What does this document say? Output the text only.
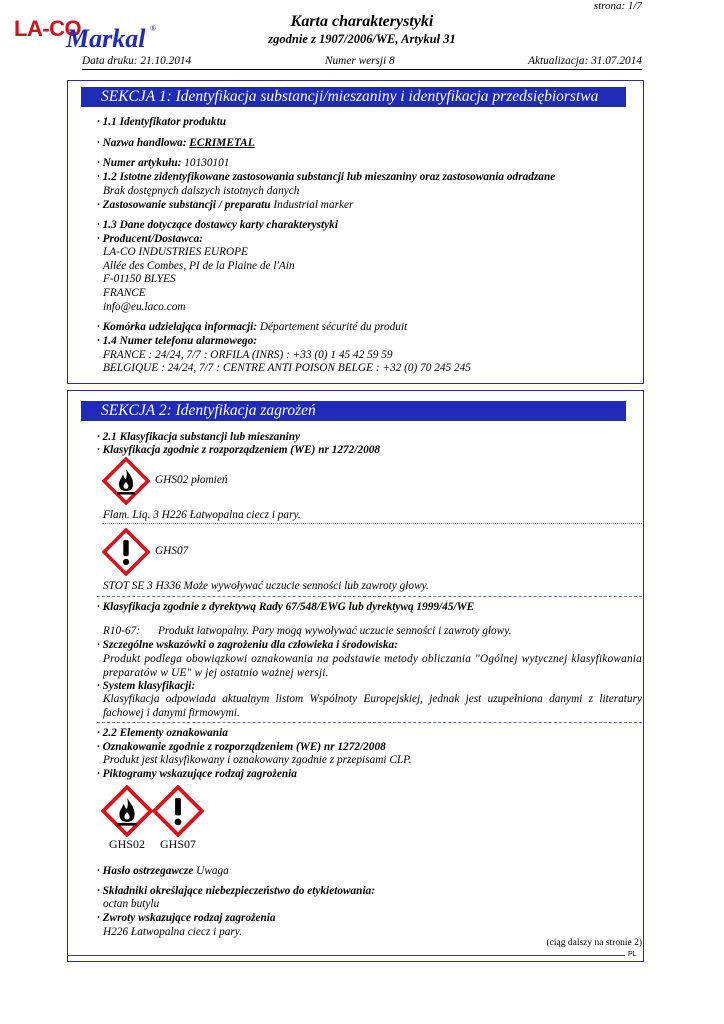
LA-CO
Markal ®
strona: 1/7
Karta charakterystyki
zgodnie z 1907/2006/WE, Artykuł 31
Data druku: 21.10.2014	Numer wersji 8	Aktualizacja: 31.07.2014
SEKCJA 1: Identyfikacja substancji/mieszaniny i identyfikacja przedsiębiorstwa
· 1.1 Identyfikator produktu
· Nazwa handlowa: ECRIMETAL
· Numer artykułu: 10130101
· 1.2 Istotne zidentyfikowane zastosowania substancji lub mieszaniny oraz zastosowania odradzane
Brak dostępnych dalszych istotnych danych
· Zastosowanie substancji / preparatu Industrial marker
· 1.3 Dane dotyczące dostawcy karty charakterystyki
· Producent/Dostawca:
LA-CO INDUSTRIES EUROPE
Allée des Combes, PI de la Plaine de l'Ain
F-01150 BLYES
FRANCE
info@eu.laco.com
· Komórka udzielająca informacji: Département sécurité du produit
· 1.4 Numer telefonu alarmowego:
FRANCE : 24/24, 7/7 : ORFILA (INRS) : +33 (0) 1 45 42 59 59
BELGIQUE : 24/24, 7/7 : CENTRE ANTI POISON BELGE : +32 (0) 70 245 245
SEKCJA 2: Identyfikacja zagrożeń
· 2.1 Klasyfikacja substancji lub mieszaniny
· Klasyfikacja zgodnie z rozporządzeniem (WE) nr 1272/2008
GHS02 płomień
Flam. Liq. 3 H226 Łatwopalna ciecz i pary.
GHS07
STOT SE 3 H336 Może wywoływać uczucie senności lub zawroty głowy.
· Klasyfikacja zgodnie z dyrektywą Rady 67/548/EWG lub dyrektywą 1999/45/WE
R10-67: Produkt łatwopalny. Pary mogą wywoływać uczucie senności i zawroty głowy.
· Szczególne wskazówki o zagrożeniu dla człowieka i środowiska:
Produkt podlega obowiązkowi oznakowania na podstawie metody obliczania "Ogólnej wytycznej klasyfikowania preparatów w UE" w jej ostatnio ważnej wersji.
· System klasyfikacji:
Klasyfikacja odpowiada aktualnym listom Wspólnoty Europejskiej, jednak jest uzupełniona danymi z literatury fachowej i danymi firmowymi.
· 2.2 Elementy oznakowania
· Oznakowanie zgodnie z rozporządzeniem (WE) nr 1272/2008
Produkt jest klasyfikowany i oznakowany zgodnie z przepisami CLP.
· Piktogramy wskazujące rodzaj zagrożenia
GHS02 GHS07
· Hasło ostrzegawcze Uwaga
· Składniki określające niebezpieczeństwo do etykietowania:
octan butylu
· Zwroty wskazujące rodzaj zagrożenia
H226 Łatwopalna ciecz i pary.
(ciąg dalszy na stronie 2)
PL
